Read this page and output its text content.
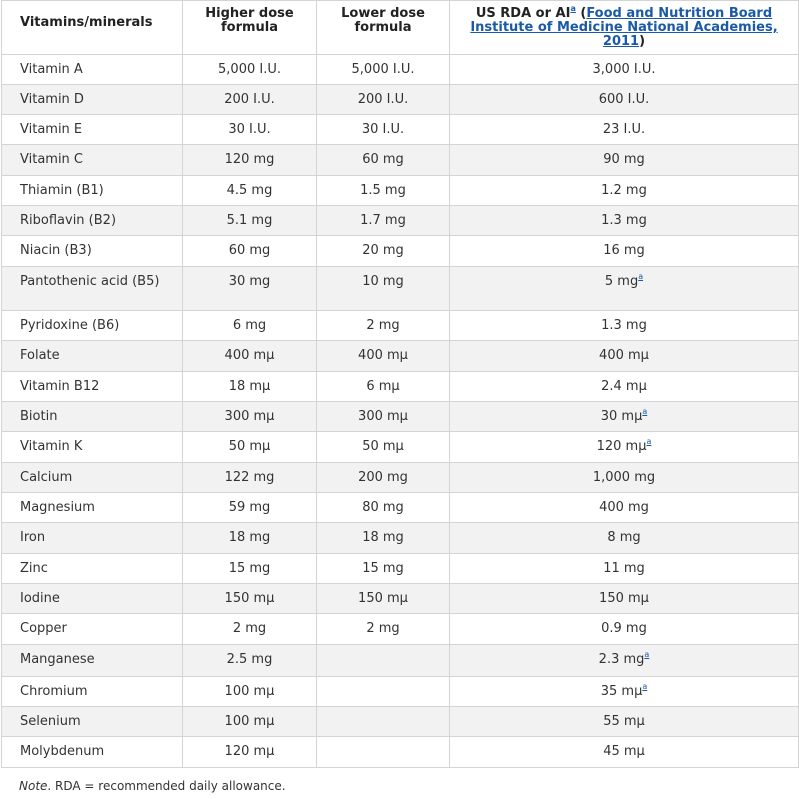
Vitamins/minerals	Higher dose formula	Lower dose formula	US RDA or $AI^a$ (Food and Nutrition Board Institute of Medicine National Academies, 2011)
Vitamin A	5,000 I.U.	5,000 I.U.	3,000 I.U.
Vitamin D	200 I.U.	200 I.U.	600 I.U.
Vitamin E	30 I.U.	30 I.U.	23 I.U.
Vitamin C	120 mg	60 mg	90 mg
Thiamin (B1)	4.5 mg	1.5 mg	1.2 mg
Riboflavin (B2)	5.1 mg	1.7 mg	1.3 mg
Niacin (B3)	60 mg	20 mg	16 mg
Pantothenic acid (B5)	30 mg	10 mg	5 $mg^a$
Pyridoxine (B6)	6 mg	2 mg	1.3 mg
Folate	400 mμ	400 mμ	400 mμ
Vitamin B12	18 mμ	6 mμ	2.4 mμ
Biotin	300 mμ	300 mμ	30 $m\mu^a$
Vitamin K	50 mμ	50 mμ	120 $m\mu^a$
Calcium	122 mg	200 mg	1,000 mg
Magnesium	59 mg	80 mg	400 mg
Iron	18 mg	18 mg	8 mg
Zinc	15 mg	15 mg	11 mg
Iodine	150 mμ	150 mμ	150 mμ
Copper	2 mg	2 mg	0.9 mg
Manganese	2.5 mg		2.3 $mg^a$
Chromium	100 mμ		35 $m\mu^a$
Selenium	100 mμ		55 mμ
Molybdenum	120 mμ		45 mμ
Note. RDA = recommended daily allowance.
